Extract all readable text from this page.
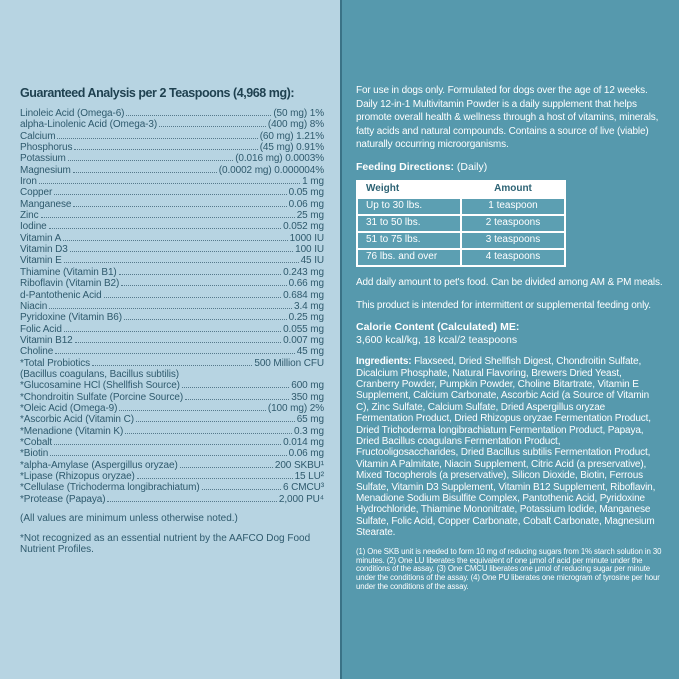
Guaranteed Analysis per 2 Teaspoons (4,968 mg):
Linoleic Acid (Omega-6)	(50 mg) 1%
alpha-Linolenic Acid (Omega-3)	(400 mg) 8%
Calcium	(60 mg) 1.21%
Phosphorus	(45 mg) 0.91%
Potassium	(0.016 mg) 0.0003%
Magnesium	(0.0002 mg) 0.000004%
Iron	1 mg
Copper	0.05 mg
Manganese	0.06 mg
Zinc	25 mg
Iodine	0.052 mg
Vitamin A	1000 IU
Vitamin D3	100 IU
Vitamin E	45 IU
Thiamine (Vitamin B1)	0.243 mg
Riboflavin (Vitamin B2)	0.66 mg
d-Pantothenic Acid	0.684 mg
Niacin	3.4 mg
Pyridoxine (Vitamin B6)	0.25 mg
Folic Acid	0.055 mg
Vitamin B12	0.007 mg
Choline	45 mg
*Total Probiotics	500 Million CFU
(Bacillus coagulans, Bacillus subtilis)
*Glucosamine HCl (Shellfish Source)	600 mg
*Chondroitin Sulfate (Porcine Source)	350 mg
*Oleic Acid (Omega-9)	(100 mg) 2%
*Ascorbic Acid (Vitamin C)	65 mg
*Menadione (Vitamin K)	0.3 mg
*Cobalt	0.014 mg
*Biotin	0.06 mg
*alpha-Amylase (Aspergillus oryzae)	200 SKBU¹
*Lipase (Rhizopus oryzae)	15 LU²
*Cellulase (Trichoderma longibrachiatum)	6 CMCU³
*Protease (Papaya)	2,000 PU⁴

(All values are minimum unless otherwise noted.)

*Not recognized as an essential nutrient by the AAFCO Dog Food Nutrient Profiles.

For use in dogs only. Formulated for dogs over the age of 12 weeks. Daily 12-in-1 Multivitamin Powder is a daily supplement that helps promote overall health & wellness through a host of vitamins, minerals, fatty acids and natural compounds. Contains a source of live (viable) naturally occurring microorganisms.

Feeding Directions: (Daily)

Weight	Amount
Up to 30 lbs.	1 teaspoon
31 to 50 lbs.	2 teaspoons
51 to 75 lbs.	3 teaspoons
76 lbs. and over	4 teaspoons

Add daily amount to pet's food. Can be divided among AM & PM meals.

This product is intended for intermittent or supplemental feeding only.

Calorie Content (Calculated) ME:

3,600 kcal/kg, 18 kcal/2 teaspoons

Ingredients: Flaxseed, Dried Shellfish Digest, Chondroitin Sulfate, Dicalcium Phosphate, Natural Flavoring, Brewers Dried Yeast, Cranberry Powder, Pumpkin Powder, Choline Bitartrate, Vitamin E Supplement, Calcium Carbonate, Ascorbic Acid (a Source of Vitamin C), Zinc Sulfate, Calcium Sulfate, Dried Aspergillus oryzae Fermentation Product, Dried Rhizopus oryzae Fermentation Product, Dried Trichoderma longibrachiatum Fermentation Product, Papaya, Dried Bacillus coagulans Fermentation Product, Fructooligosaccharides, Dried Bacillus subtilis Fermentation Product, Vitamin A Palmitate, Niacin Supplement, Citric Acid (a preservative), Mixed Tocopherols (a preservative), Silicon Dioxide, Biotin, Ferrous Sulfate, Vitamin D3 Supplement, Vitamin B12 Supplement, Riboflavin, Menadione Sodium Bisulfite Complex, Pantothenic Acid, Pyridoxine Hydrochloride, Thiamine Mononitrate, Potassium Iodide, Manganese Sulfate, Folic Acid, Copper Carbonate, Cobalt Carbonate, Magnesium Stearate.

(1) One SKB unit is needed to form 10 mg of reducing sugars from 1% starch solution in 30 minutes. (2) One LU liberates the equivalent of one µmol of acid per minute under the conditions of the assay. (3) One CMCU liberates one µmol of reducing sugar per minute under the conditions of the assay. (4) One PU liberates one microgram of tyrosine per hour under the conditions of the assay.
